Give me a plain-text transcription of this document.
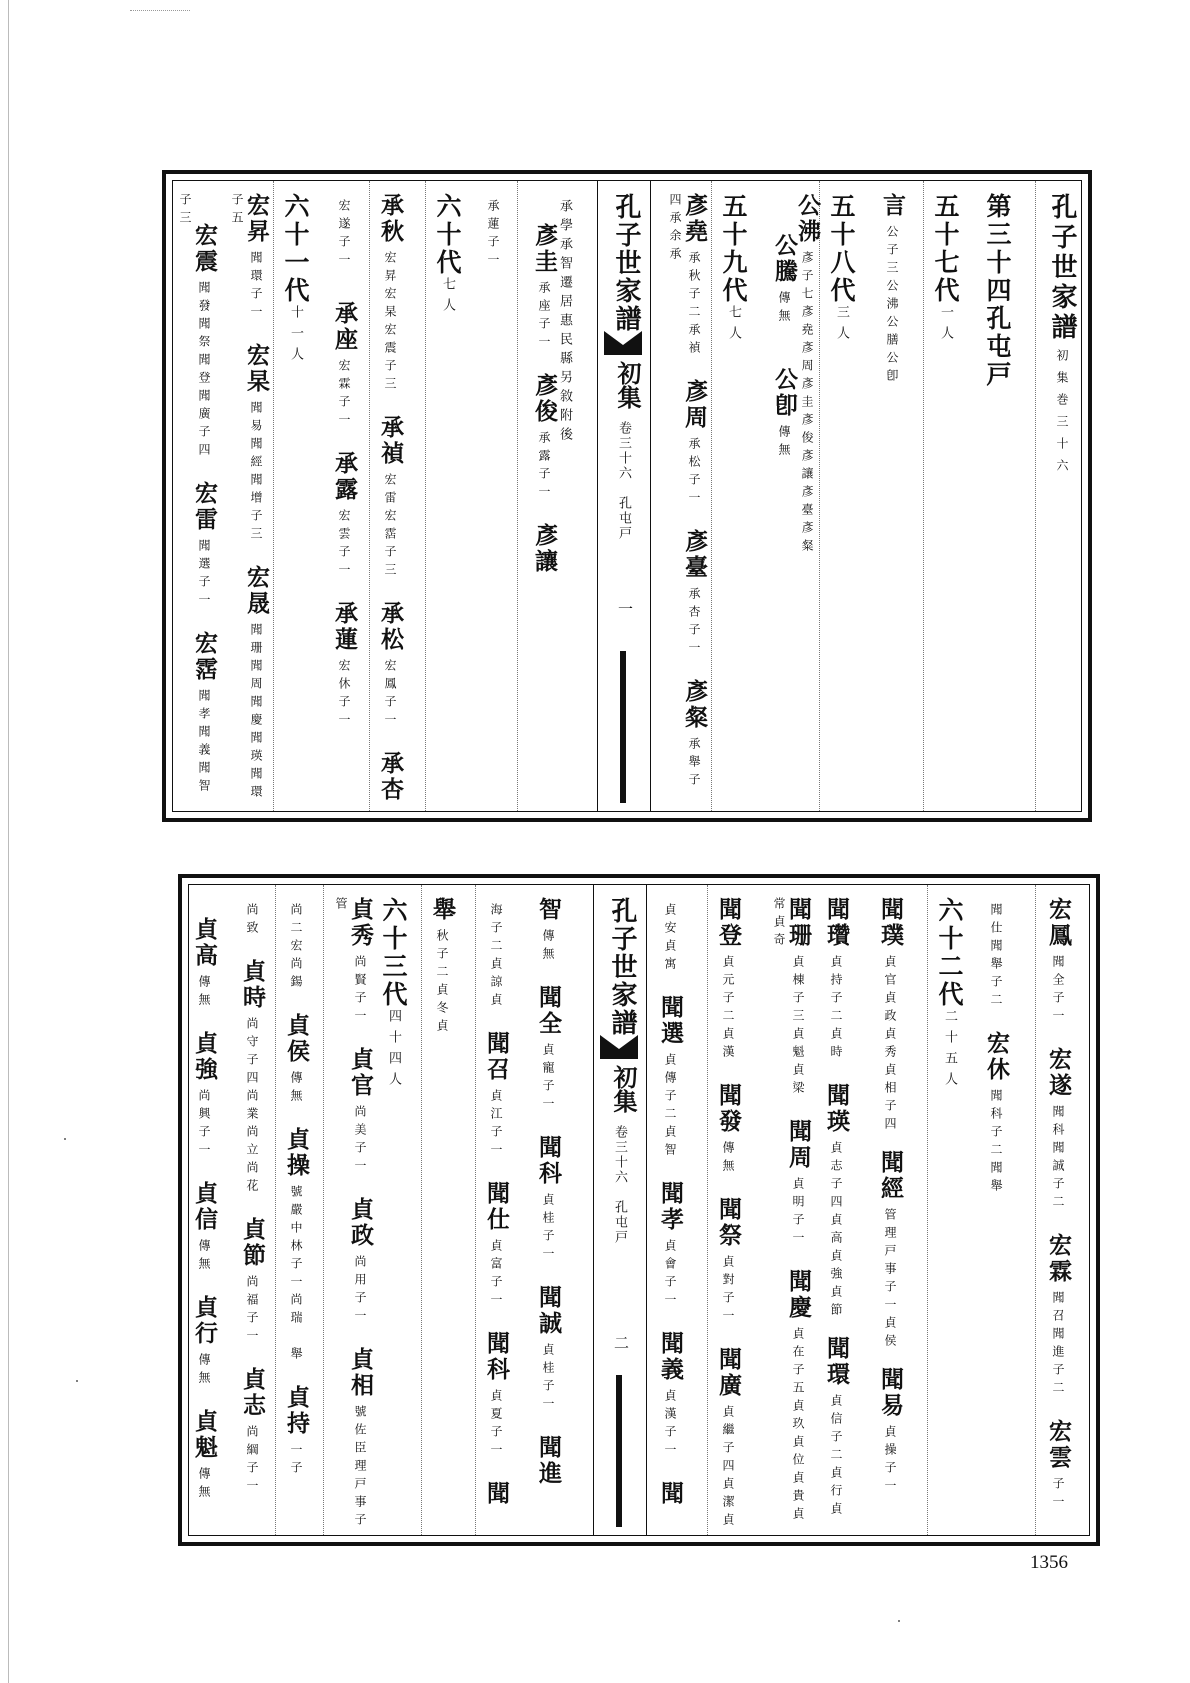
孔子世家譜初集巻三十六
第三十四孔屯戸
五十七代一人
言公子三公沸公膳公卽
五十八代三人
公沸彥子七彥堯彥周彥圭彥俊彥讓彥臺彥粲公騰傳無公卽傳無
五十九代七人
彥堯承秋子二承禎彥周承松子一彥臺承杏子一彥粲承舉子四承余承
孔子世家譜
初集
卷三十六　孔屯戸
一
承學承智遷居惠民縣另敘附後彥圭承座子一彥俊承露子一彥讓
承蓮子一
六十代七人
承秋宏昇宏杲宏震子三承禎宏雷宏霑子三承松宏鳳子一承杏
宏遂子一承座宏霖子一承露宏雲子一承蓮宏休子一
六十一代十一人
宏昇聞環子一宏杲聞易聞經聞增子三宏晟聞珊聞周聞慶聞瑛聞環子五
宏震聞發聞祭聞登聞廣子四宏雷聞選子一宏霑聞孝聞義聞智子三
宏鳳聞全子一宏遂聞科聞誠子二宏霖聞召聞進子二宏雲子一
聞仕聞舉子二宏休聞科子二聞舉
六十二代二十五人
聞璞貞官貞政貞秀貞相子四聞經管理戸事子一貞侯聞易貞操子一
聞瓚貞持子二貞時聞瑛貞志子四貞高貞強貞節聞環貞信子二貞行貞
聞珊貞棟子三貞魁貞梁聞周貞明子一聞慶貞在子五貞玖貞位貞貴貞常貞奇
聞登貞元子二貞漢聞發傳無聞祭貞對子一聞廣貞繼子四貞潔貞
貞安貞寓聞選貞傳子二貞智聞孝貞會子一聞義貞漢子一聞
孔子世家譜
初集
卷三十六　孔屯戸
二
智傳無聞全貞寵子一聞科貞桂子一聞誠貞桂子一聞進
海子二貞諒貞聞召貞江子一聞仕貞富子一聞科貞夏子一聞
舉秋子二貞冬貞
六十三代四十四人
貞秀尚賢子一貞官尚美子一貞政尚用子一貞相號佐臣理戸事子管
尚二宏尚鍚貞侯傳無貞操號嚴中林子一尚瑞　舉貞持一子
尚致貞時尚守子四尚業尚立尚花貞節尚福子一貞志尚綱子一
貞高傳無貞強尚興子一貞信傳無貞行傳無貞魁傳無
1356
